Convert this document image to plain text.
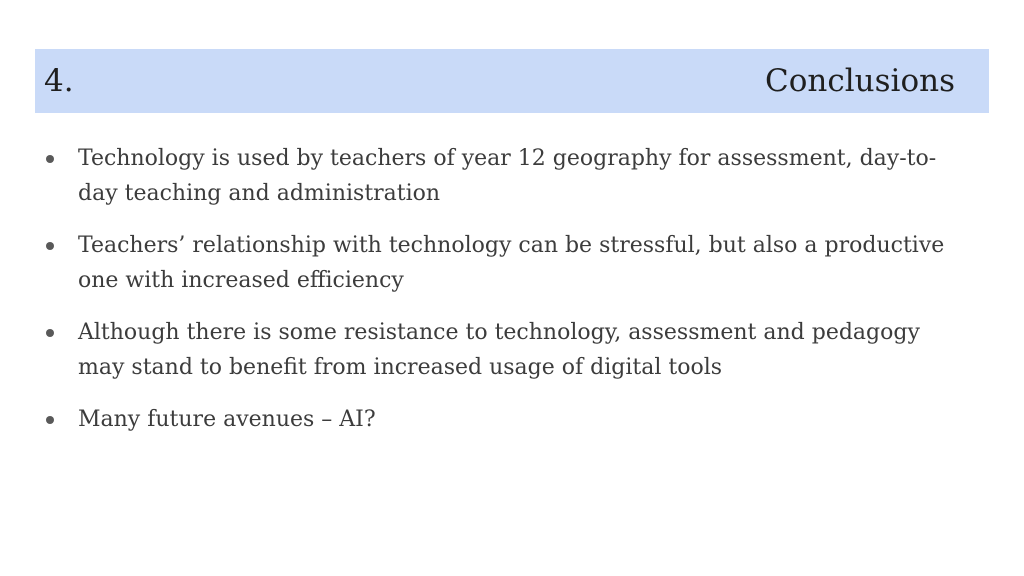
4.	Conclusions
Technology is used by teachers of year 12 geography for assessment, day-to-day teaching and administration
Teachers’ relationship with technology can be stressful, but also a productive one with increased efficiency
Although there is some resistance to technology, assessment and pedagogy may stand to benefit from increased usage of digital tools
Many future avenues – AI?
